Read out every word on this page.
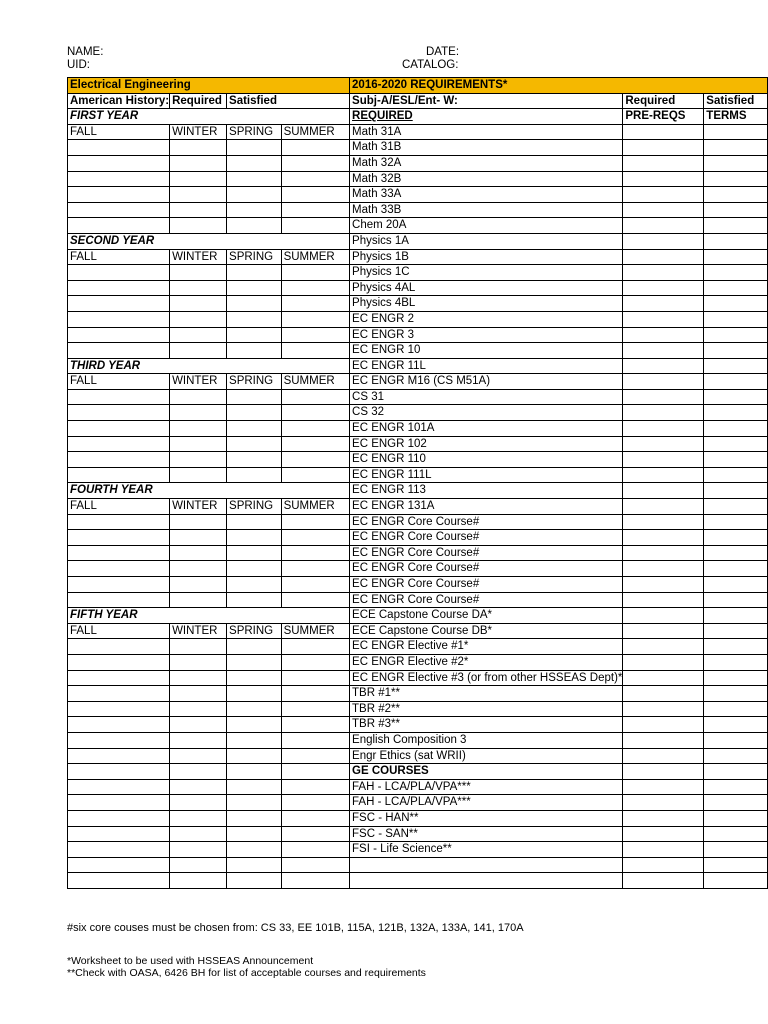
NAME:
UID:
DATE:
CATALOG:
Electrical Engineering				2016-2020 REQUIREMENTS*		
American History:	Required	Satisfied		Subj-A/ESL/Ent- W:	Required	Satisfied
FIRST YEAR				REQUIRED	PRE-REQS	TERMS
FALL	WINTER	SPRING	SUMMER	Math 31A		
				Math 31B		
				Math 32A		
				Math 32B		
				Math 33A		
				Math 33B		
				Chem 20A		
SECOND YEAR				Physics 1A		
FALL	WINTER	SPRING	SUMMER	Physics 1B		
				Physics 1C		
				Physics 4AL		
				Physics 4BL		
				EC ENGR 2		
				EC ENGR 3		
				EC ENGR 10		
THIRD YEAR				EC ENGR 11L		
FALL	WINTER	SPRING	SUMMER	EC ENGR M16 (CS M51A)		
				CS 31		
				CS 32		
				EC ENGR 101A		
				EC ENGR 102		
				EC ENGR 110		
				EC ENGR 111L		
FOURTH YEAR				EC ENGR 113		
FALL	WINTER	SPRING	SUMMER	EC ENGR 131A		
				EC ENGR Core Course#		
				EC ENGR Core Course#		
				EC ENGR Core Course#		
				EC ENGR Core Course#		
				EC ENGR Core Course#		
				EC ENGR Core Course#		
FIFTH YEAR				ECE Capstone Course DA*		
FALL	WINTER	SPRING	SUMMER	ECE Capstone Course DB*		
				EC ENGR Elective #1*		
				EC ENGR Elective #2*		
				EC ENGR Elective #3 (or from other HSSEAS Dept)*		
				TBR #1**		
				TBR #2**		
				TBR #3**		
				English Composition 3		
				Engr Ethics (sat WRII)		
				GE COURSES		
				FAH - LCA/PLA/VPA***		
				FAH - LCA/PLA/VPA***		
				FSC - HAN**		
				FSC - SAN**		
				FSI - Life Science**		

#six core couses must be chosen from: CS 33, EE 101B, 115A, 121B, 132A, 133A, 141, 170A
*Worksheet to be used with HSSEAS Announcement
**Check with OASA, 6426 BH for list of acceptable courses and requirements
